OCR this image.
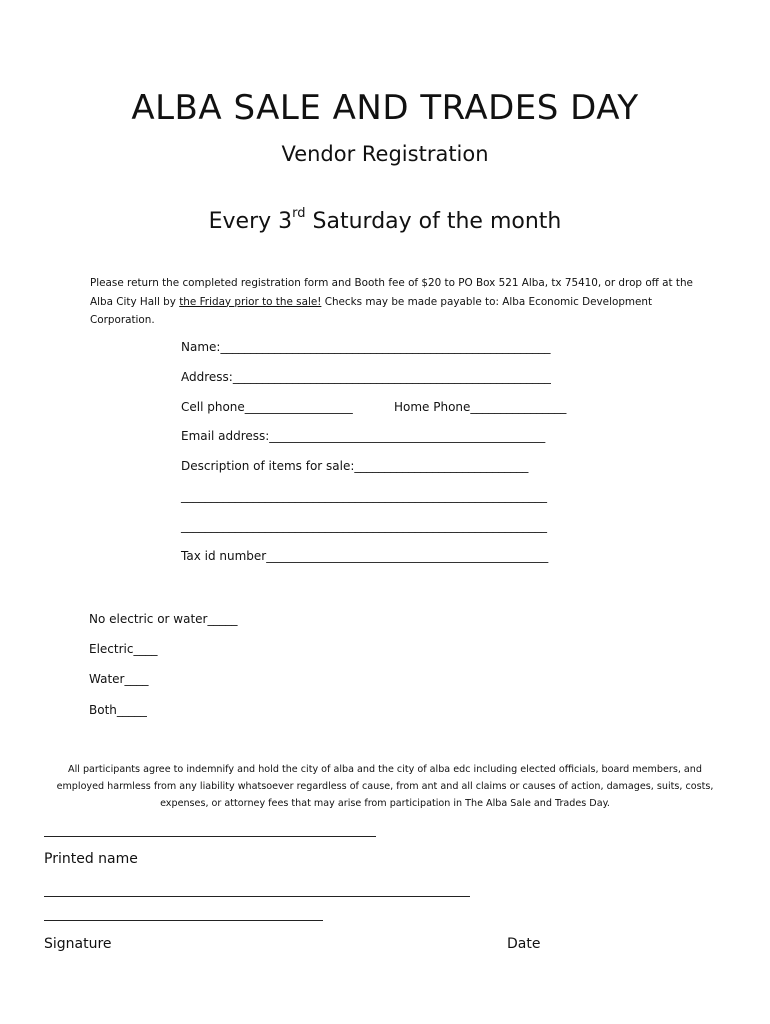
ALBA SALE AND TRADES DAY
Vendor Registration
Every 3rd Saturday of the month
Please return the completed registration form and Booth fee of $20 to PO Box 521 Alba, tx 75410, or drop off at the Alba City Hall by the Friday prior to the sale! Checks may be made payable to: Alba Economic Development Corporation.
Name:_______________________________________________________
Address:_____________________________________________________
Cell phone__________________	Home Phone________________
Email address:______________________________________________
Description of items for sale:_____________________________
_____________________________________________________________
_____________________________________________________________
Tax id number_______________________________________________
No electric or water_____
Electric____
Water____
Both_____
All participants agree to indemnify and hold the city of alba and the city of alba edc including elected officials, board members, and employed harmless from any liability whatsoever regardless of cause, from ant and all claims or causes of action, damages, suits, costs, expenses, or attorney fees that may arise from participation in The Alba Sale and Trades Day.
Printed name
Signature	Date
